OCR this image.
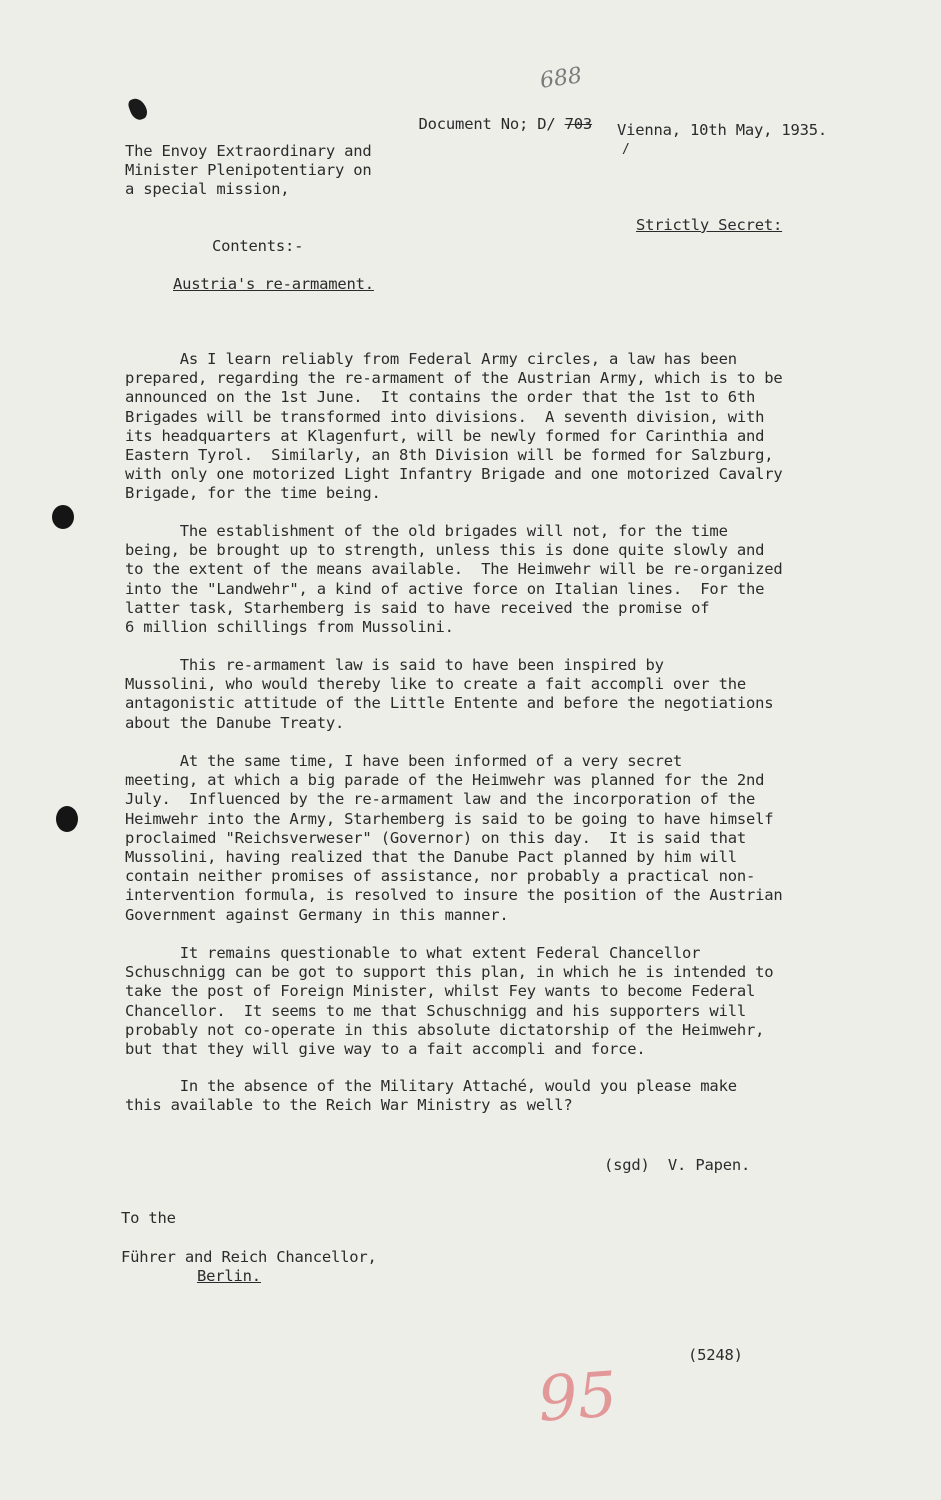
688

Document No; D/ 703
Vienna, 10th May, 1935.
/
The Envoy Extraordinary and
Minister Plenipotentiary on
a special mission,
Strictly Secret:
Contents:-
Austria's re-armament.
As I learn reliably from Federal Army circles, a law has been
prepared, regarding the re-armament of the Austrian Army, which is to be
announced on the 1st June.  It contains the order that the 1st to 6th
Brigades will be transformed into divisions.  A seventh division, with
its headquarters at Klagenfurt, will be newly formed for Carinthia and
Eastern Tyrol.  Similarly, an 8th Division will be formed for Salzburg,
with only one motorized Light Infantry Brigade and one motorized Cavalry
Brigade, for the time being.
The establishment of the old brigades will not, for the time
being, be brought up to strength, unless this is done quite slowly and
to the extent of the means available.  The Heimwehr will be re-organized
into the "Landwehr", a kind of active force on Italian lines.  For the
latter task, Starhemberg is said to have received the promise of
6 million schillings from Mussolini.
This re-armament law is said to have been inspired by
Mussolini, who would thereby like to create a fait accompli over the
antagonistic attitude of the Little Entente and before the negotiations
about the Danube Treaty.
At the same time, I have been informed of a very secret
meeting, at which a big parade of the Heimwehr was planned for the 2nd
July.  Influenced by the re-armament law and the incorporation of the
Heimwehr into the Army, Starhemberg is said to be going to have himself
proclaimed "Reichsverweser" (Governor) on this day.  It is said that
Mussolini, having realized that the Danube Pact planned by him will
contain neither promises of assistance, nor probably a practical non-
intervention formula, is resolved to insure the position of the Austrian
Government against Germany in this manner.
It remains questionable to what extent Federal Chancellor
Schuschnigg can be got to support this plan, in which he is intended to
take the post of Foreign Minister, whilst Fey wants to become Federal
Chancellor.  It seems to me that Schuschnigg and his supporters will
probably not co-operate in this absolute dictatorship of the Heimwehr,
but that they will give way to a fait accompli and force.
In the absence of the Military Attaché, would you please make
this available to the Reich War Ministry as well?
(sgd)  V. Papen.
To the
Führer and Reich Chancellor,
Berlin.
(5248)
95
